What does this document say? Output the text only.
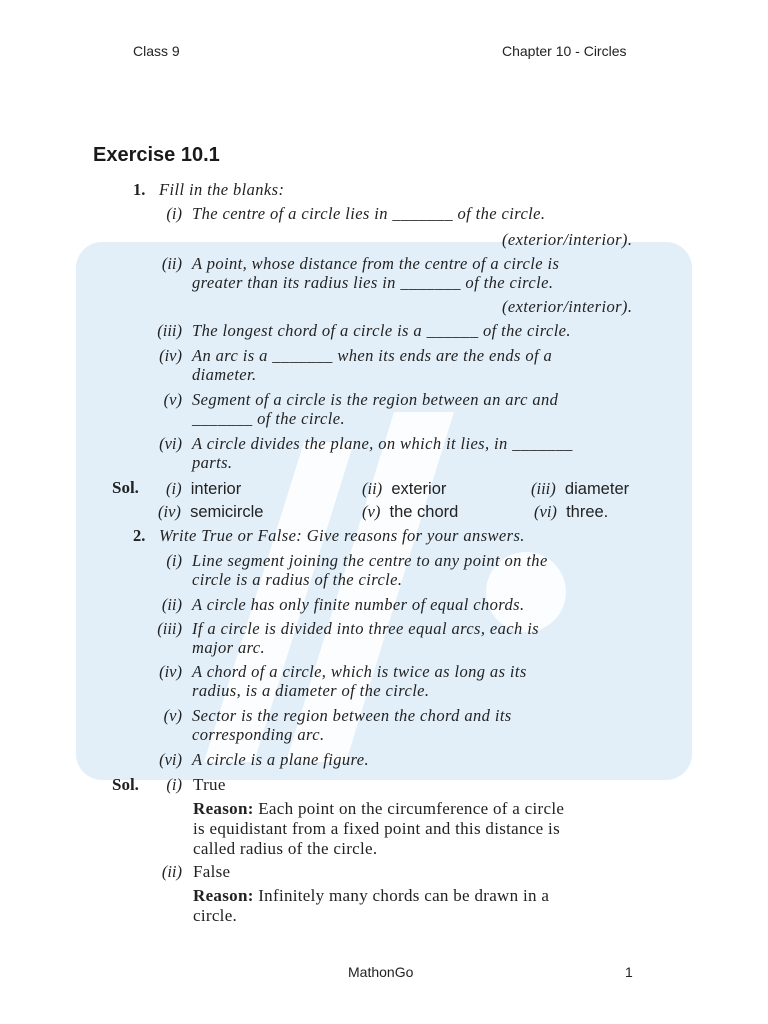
Class 9	Chapter 10 - Circles
Exercise 10.1
1. Fill in the blanks:
(i) The centre of a circle lies in _______ of the circle.
(exterior/interior).
(ii) A point, whose distance from the centre of a circle is
greater than its radius lies in _______ of the circle.
(exterior/interior).
(iii) The longest chord of a circle is a ______ of the circle.
(iv) An arc is a _______ when its ends are the ends of a
diameter.
(v) Segment of a circle is the region between an arc and
_______ of the circle.
(vi) A circle divides the plane, on which it lies, in _______
parts.
Sol. (i) interior	(ii) exterior	(iii) diameter
(iv) semicircle	(v) the chord	(vi) three.
2. Write True or False: Give reasons for your answers.
(i) Line segment joining the centre to any point on the
circle is a radius of the circle.
(ii) A circle has only finite number of equal chords.
(iii) If a circle is divided into three equal arcs, each is
major arc.
(iv) A chord of a circle, which is twice as long as its
radius, is a diameter of the circle.
(v) Sector is the region between the chord and its
corresponding arc.
(vi) A circle is a plane figure.
Sol.	(i) True
Reason: Each point on the circumference of a circle
is equidistant from a fixed point and this distance is
called radius of the circle.
(ii) False
Reason: Infinitely many chords can be drawn in a
circle.
MathonGo	1
